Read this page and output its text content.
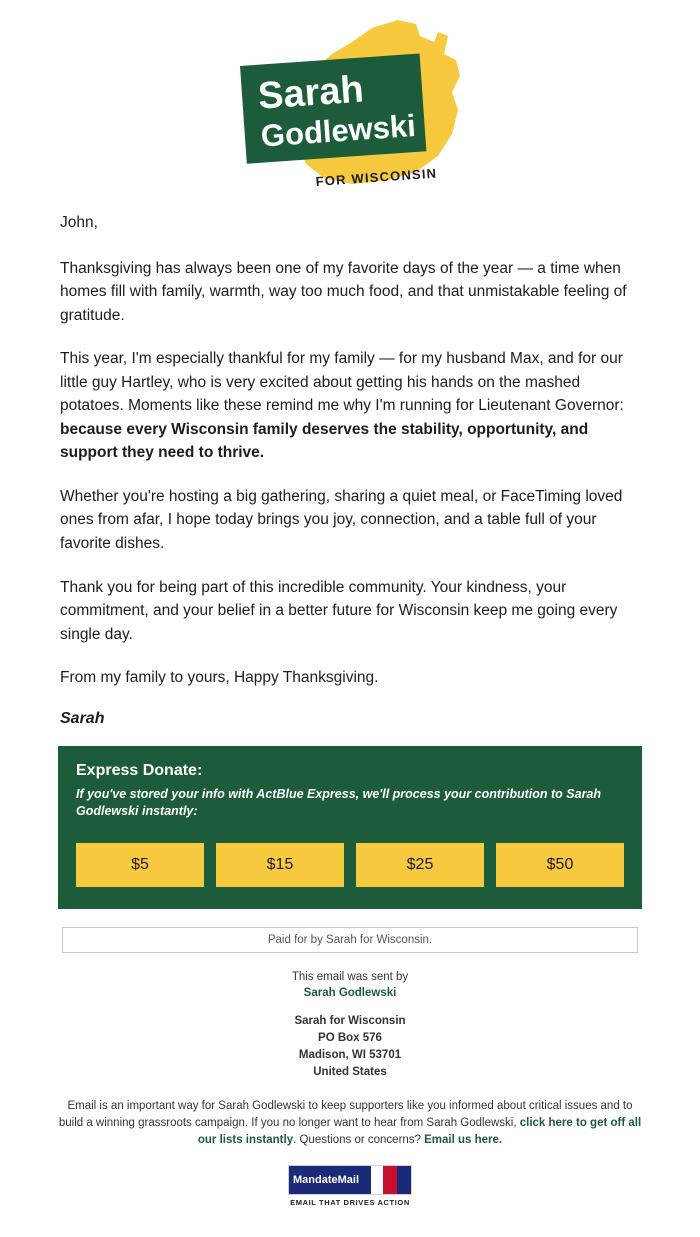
Sarah
Godlewski
FOR WISCONSIN

John,

Thanksgiving has always been one of my favorite days of the year — a time when homes fill with family, warmth, way too much food, and that unmistakable feeling of gratitude.

This year, I'm especially thankful for my family — for my husband Max, and for our little guy Hartley, who is very excited about getting his hands on the mashed potatoes. Moments like these remind me why I'm running for Lieutenant Governor: because every Wisconsin family deserves the stability, opportunity, and support they need to thrive.

Whether you're hosting a big gathering, sharing a quiet meal, or FaceTiming loved ones from afar, I hope today brings you joy, connection, and a table full of your favorite dishes.

Thank you for being part of this incredible community. Your kindness, your commitment, and your belief in a better future for Wisconsin keep me going every single day.

From my family to yours, Happy Thanksgiving.

Sarah
Express Donate:
If you've stored your info with ActBlue Express, we'll process your contribution to Sarah Godlewski instantly:
$5	$15	$25	$50
Paid for by Sarah for Wisconsin.
This email was sent by
Sarah Godlewski
Sarah for Wisconsin
PO Box 576
Madison, WI 53701
United States
Email is an important way for Sarah Godlewski to keep supporters like you informed about critical issues and to build a winning grassroots campaign. If you no longer want to hear from Sarah Godlewski, click here to get off all our lists instantly. Questions or concerns? Email us here.
MandateMail
EMAIL THAT DRIVES ACTION
